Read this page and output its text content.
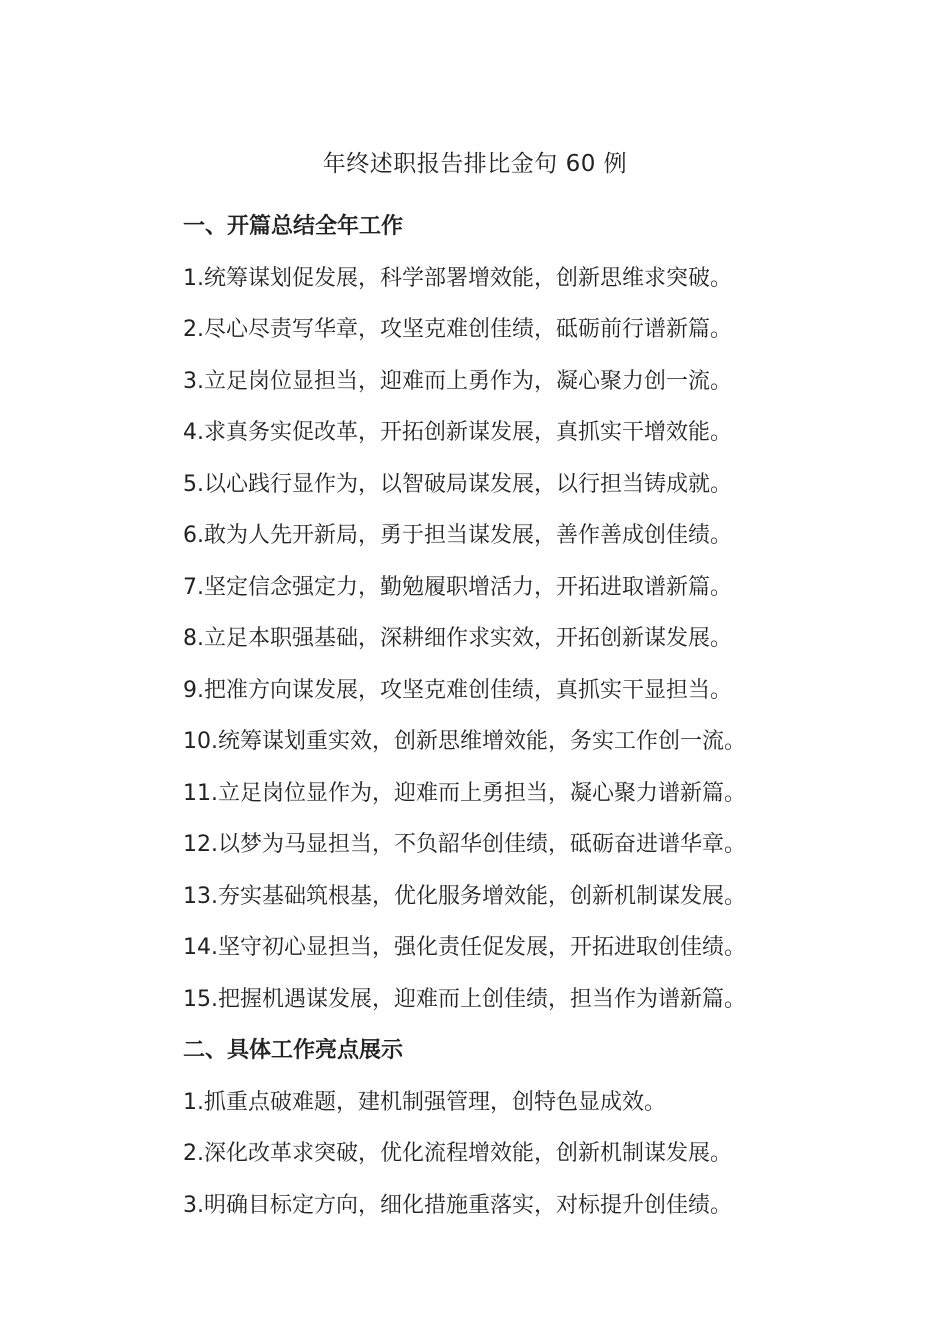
年终述职报告排比金句 60 例
一、开篇总结全年工作
1.统筹谋划促发展，科学部署增效能，创新思维求突破。
2.尽心尽责写华章，攻坚克难创佳绩，砥砺前行谱新篇。
3.立足岗位显担当，迎难而上勇作为，凝心聚力创一流。
4.求真务实促改革，开拓创新谋发展，真抓实干增效能。
5.以心践行显作为，以智破局谋发展，以行担当铸成就。
6.敢为人先开新局，勇于担当谋发展，善作善成创佳绩。
7.坚定信念强定力，勤勉履职增活力，开拓进取谱新篇。
8.立足本职强基础，深耕细作求实效，开拓创新谋发展。
9.把准方向谋发展，攻坚克难创佳绩，真抓实干显担当。
10.统筹谋划重实效，创新思维增效能，务实工作创一流。
11.立足岗位显作为，迎难而上勇担当，凝心聚力谱新篇。
12.以梦为马显担当，不负韶华创佳绩，砥砺奋进谱华章。
13.夯实基础筑根基，优化服务增效能，创新机制谋发展。
14.坚守初心显担当，强化责任促发展，开拓进取创佳绩。
15.把握机遇谋发展，迎难而上创佳绩，担当作为谱新篇。
二、具体工作亮点展示
1.抓重点破难题，建机制强管理，创特色显成效。
2.深化改革求突破，优化流程增效能，创新机制谋发展。
3.明确目标定方向，细化措施重落实，对标提升创佳绩。
